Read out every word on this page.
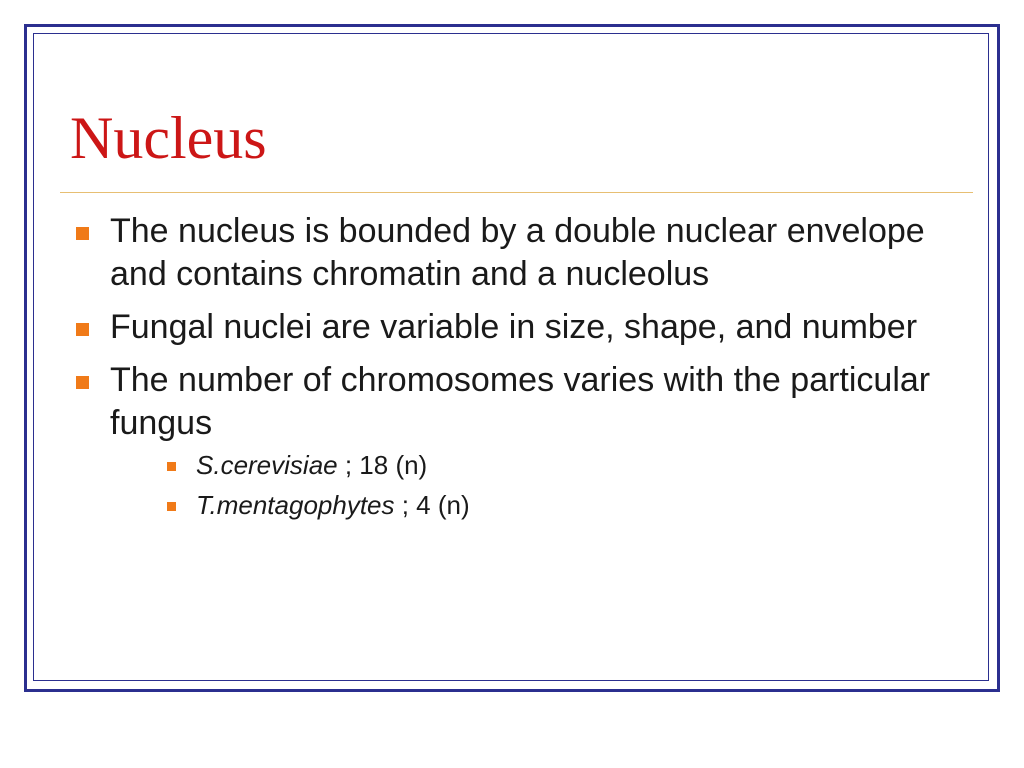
Nucleus
The nucleus is bounded by a double nuclear envelope and contains chromatin and a nucleolus
Fungal nuclei are variable in size, shape, and number
The number of chromosomes varies with the particular fungus
S.cerevisiae ; 18 (n)
T.mentagophytes ; 4 (n)
